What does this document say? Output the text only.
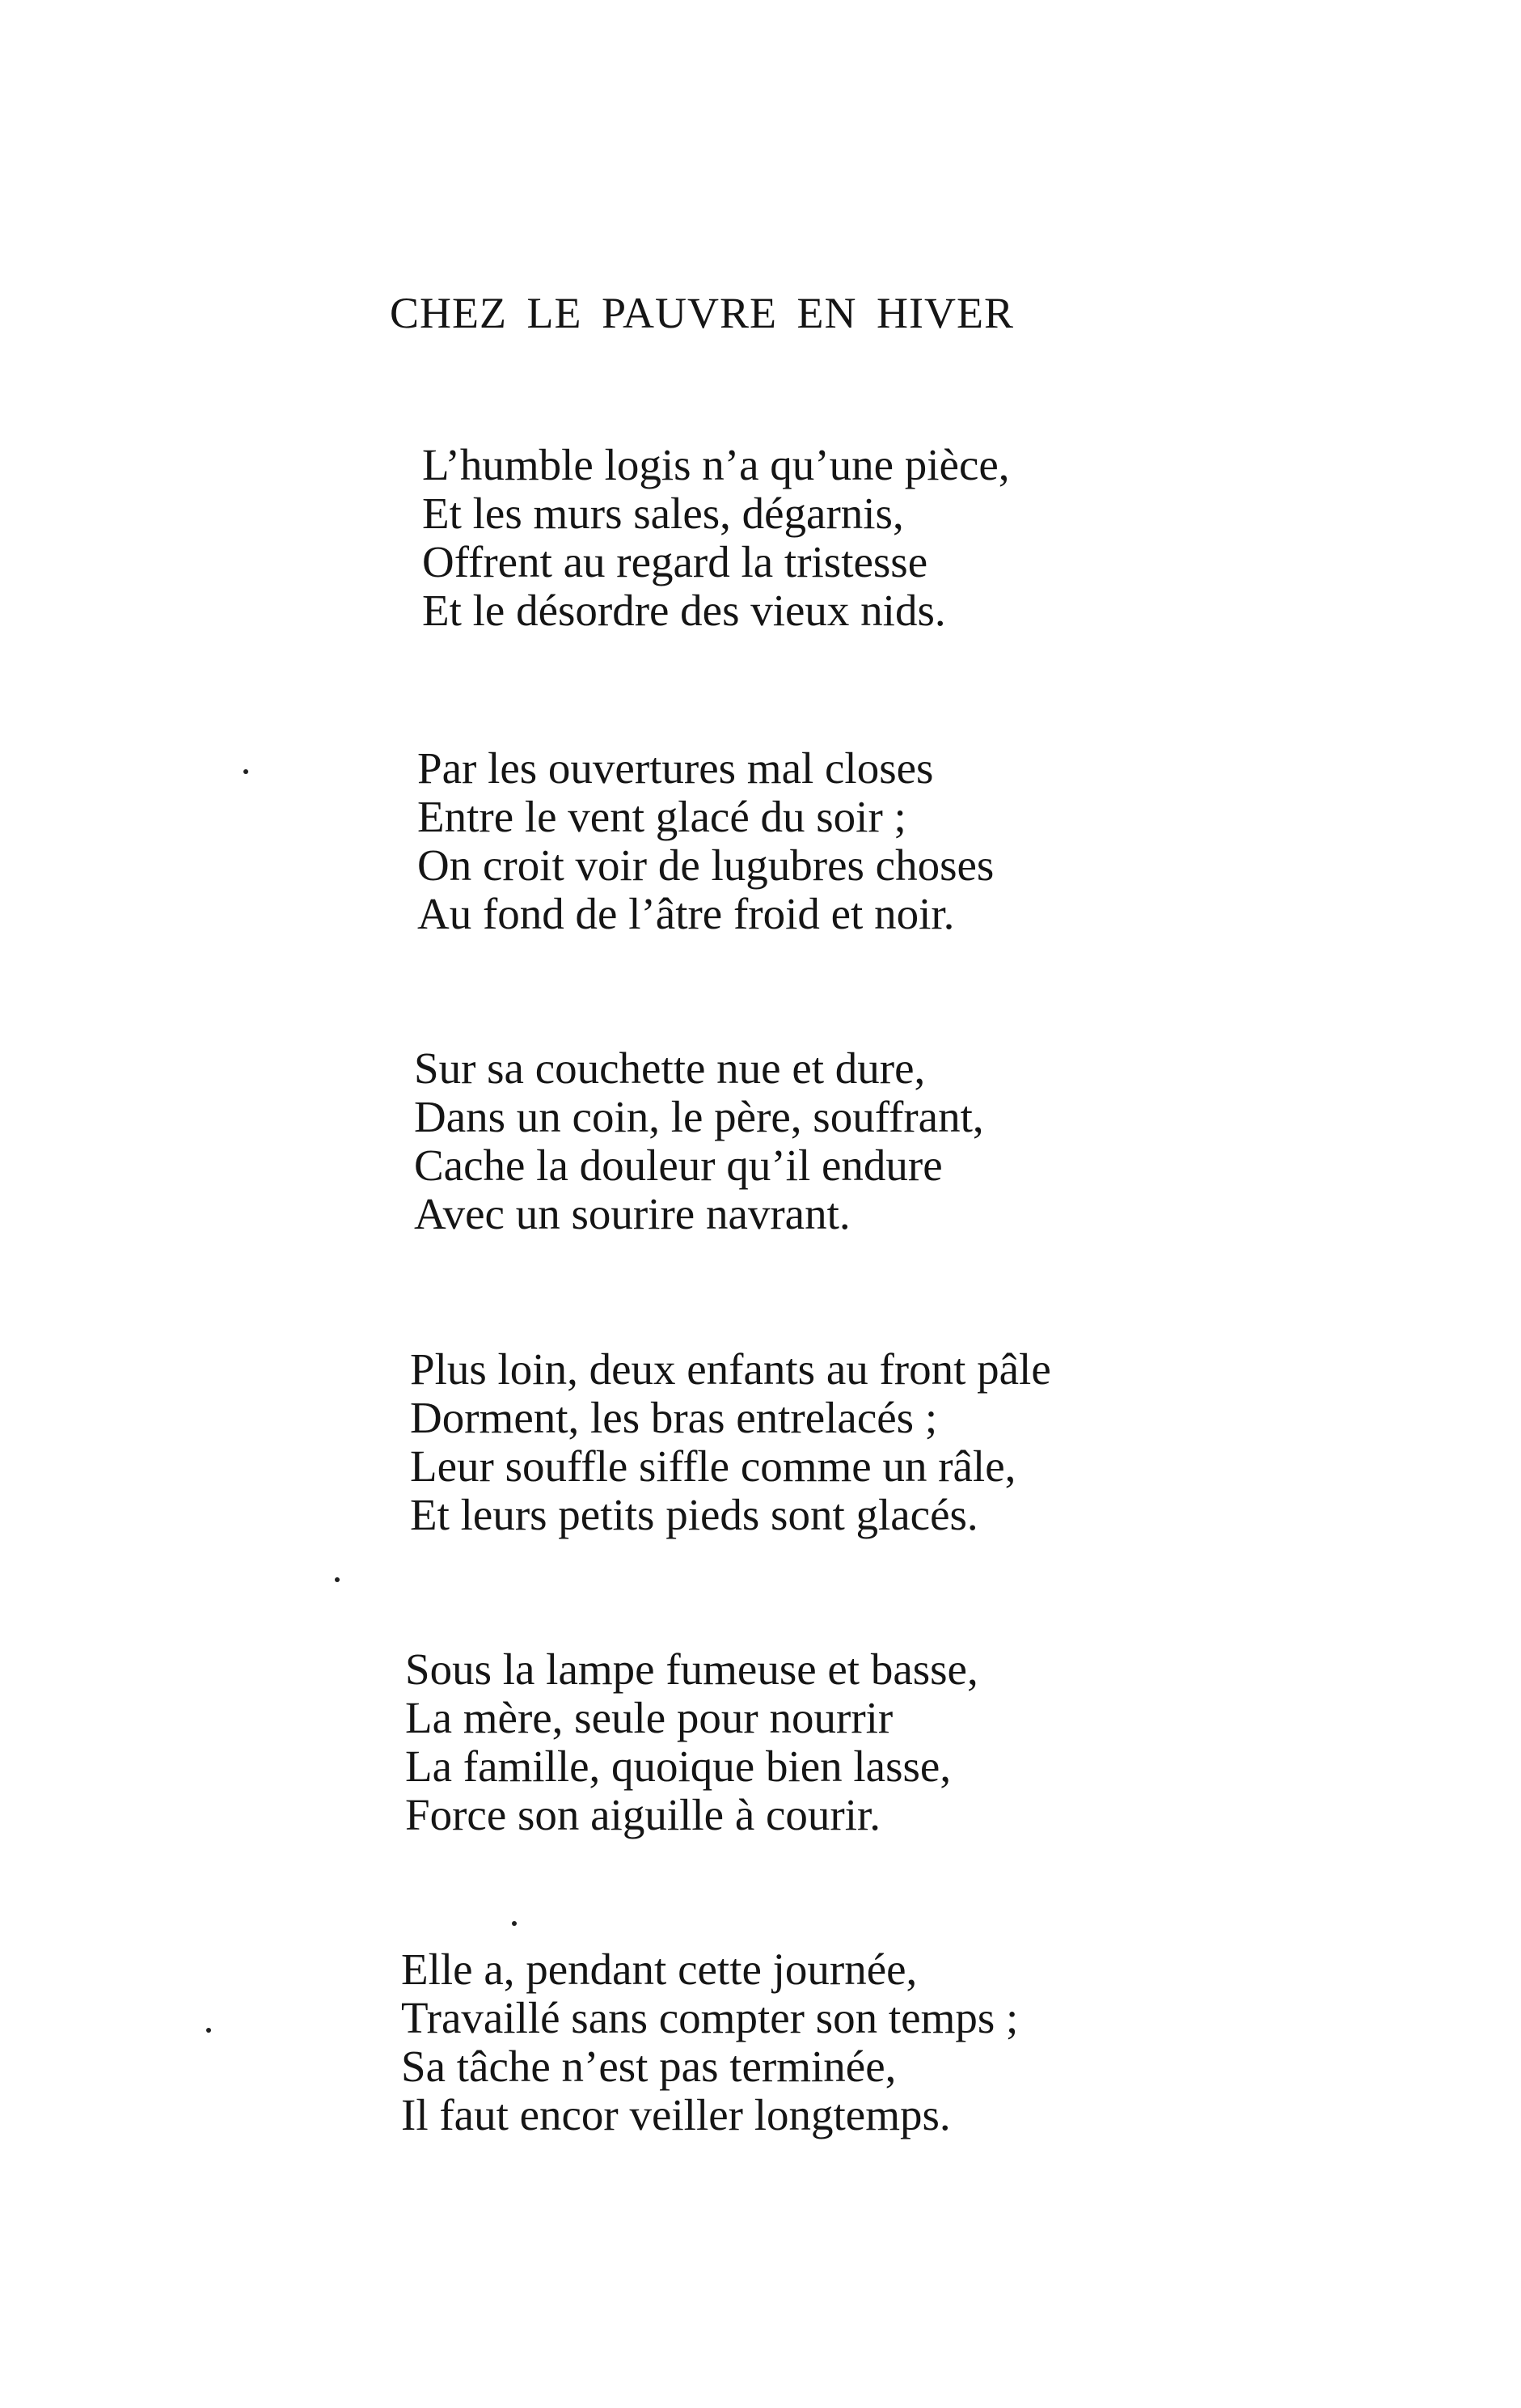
CHEZ LE PAUVRE EN HIVER
L’humble logis n’a qu’une pièce,
Et les murs sales, dégarnis,
Offrent au regard la tristesse
Et le désordre des vieux nids.
Par les ouvertures mal closes
Entre le vent glacé du soir ;
On croit voir de lugubres choses
Au fond de l’âtre froid et noir.
Sur sa couchette nue et dure,
Dans un coin, le père, souffrant,
Cache la douleur qu’il endure
Avec un sourire navrant.
Plus loin, deux enfants au front pâle
Dorment, les bras entrelacés ;
Leur souffle siffle comme un râle,
Et leurs petits pieds sont glacés.
Sous la lampe fumeuse et basse,
La mère, seule pour nourrir
La famille, quoique bien lasse,
Force son aiguille à courir.
Elle a, pendant cette journée,
Travaillé sans compter son temps ;
Sa tâche n’est pas terminée,
Il faut encor veiller longtemps.
